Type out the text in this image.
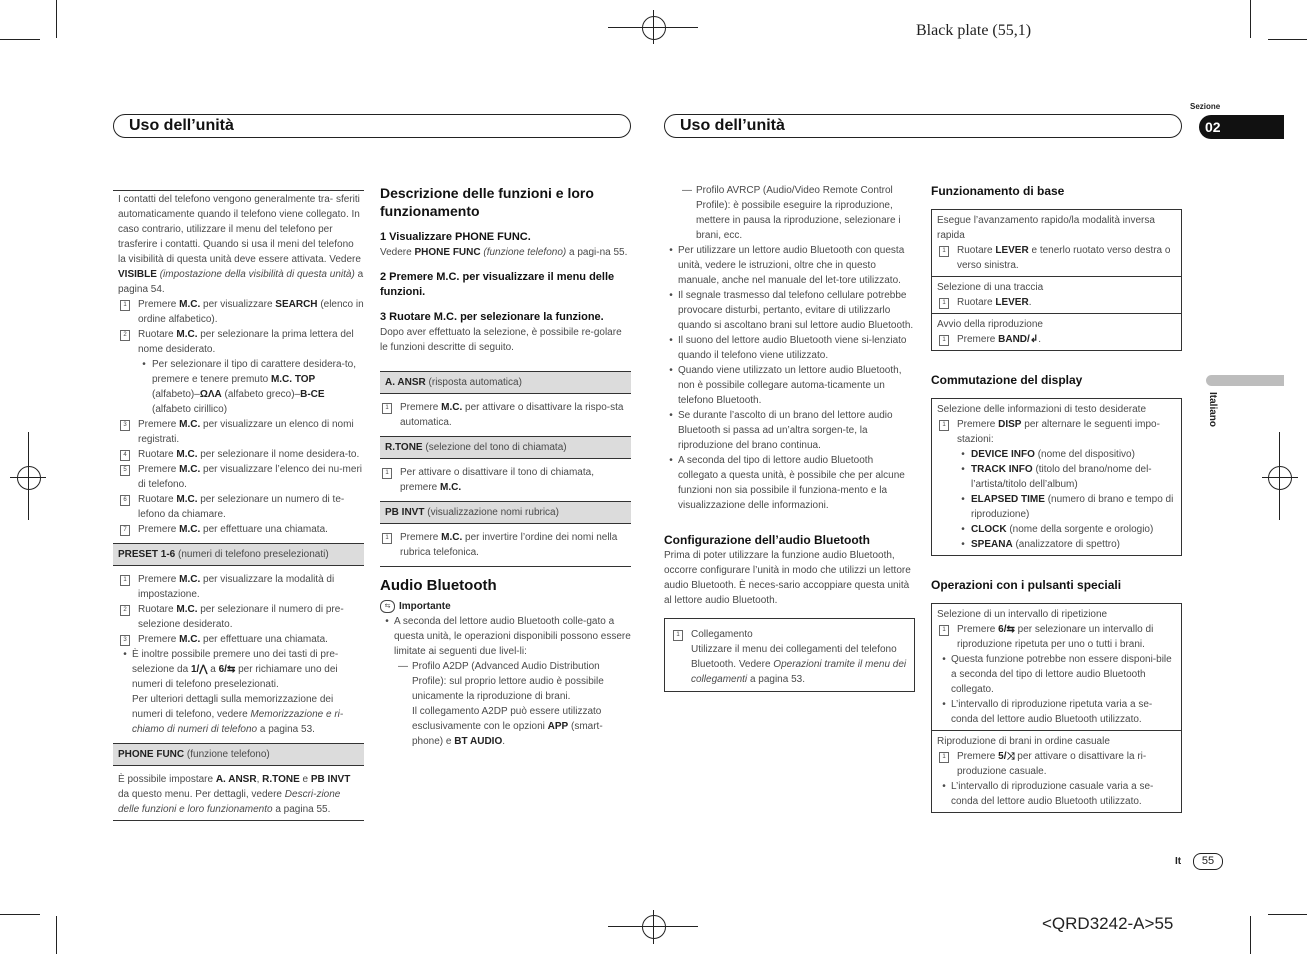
Black plate (55,1)
<QRD3242-A>55
Uso dell’unità	Uso dell’unità
Sezione
02
Italiano
It	55

I contatti del telefono vengono generalmente tra- sferiti automaticamente quando il telefono viene collegato. In caso contrario, utilizzare il menu del telefono per trasferire i contatti. Quando si usa il meni del telefono la visibilità di questa unità deve essere attivata. Vedere VISIBLE (impostazione della visibilità di questa unità) a pagina 54.

1	Premere M.C. per visualizzare SEARCH (elenco in ordine alfabetico).
2	Ruotare M.C. per selezionare la prima lettera del nome desiderato.
• Per selezionare il tipo di carattere desidera-to, premere e tenere premuto M.C. TOP (alfabeto)–ΩΛΑ (alfabeto greco)–B-CE (alfabeto cirillico)
3	Premere M.C. per visualizzare un elenco di nomi registrati.
4	Ruotare M.C. per selezionare il nome desidera-to.
5	Premere M.C. per visualizzare l’elenco dei nu-meri di telefono.
6	Ruotare M.C. per selezionare un numero di te-lefono da chiamare.
7	Premere M.C. per effettuare una chiamata.
PRESET 1-6 (numeri di telefono preselezionati)
1	Premere M.C. per visualizzare la modalità di impostazione.
2	Ruotare M.C. per selezionare il numero di pre-selezione desiderato.
3	Premere M.C. per effettuare una chiamata.
• È inoltre possibile premere uno dei tasti di pre-selezione da 1/⋀ a 6/⇆ per richiamare uno dei numeri di telefono preselezionati.
Per ulteriori dettagli sulla memorizzazione dei numeri di telefono, vedere Memorizzazione e ri-chiamo di numeri di telefono a pagina 53.
PHONE FUNC (funzione telefono)

È possibile impostare A. ANSR, R.TONE e PB INVT da questo menu. Per dettagli, vedere Descri-zione delle funzioni e loro funzionamento a pagina 55.

Descrizione delle funzioni e loro funzionamento
1 Visualizzare PHONE FUNC.

Vedere PHONE FUNC (funzione telefono) a pagi-na 55.

2 Premere M.C. per visualizzare il menu delle funzioni.
3 Ruotare M.C. per selezionare la funzione.

Dopo aver effettuato la selezione, è possibile re-golare le funzioni descritte di seguito.

A. ANSR (risposta automatica)
1	Premere M.C. per attivare o disattivare la rispo-sta automatica.
R.TONE (selezione del tono di chiamata)
1	Per attivare o disattivare il tono di chiamata, premere M.C.
PB INVT (visualizzazione nomi rubrica)
1	Premere M.C. per invertire l’ordine dei nomi nella rubrica telefonica.
Audio Bluetooth
⇆ Importante
• A seconda del lettore audio Bluetooth colle-gato a questa unità, le operazioni disponibili possono essere limitate ai seguenti due livel-li:
— Profilo A2DP (Advanced Audio Distribution Profile): sul proprio lettore audio è possibile unicamente la riproduzione di brani.
Il collegamento A2DP può essere utilizzato esclusivamente con le opzioni APP (smart-phone) e BT AUDIO.
— Profilo AVRCP (Audio/Video Remote Control Profile): è possibile eseguire la riproduzione, mettere in pausa la riproduzione, selezionare i brani, ecc.
• Per utilizzare un lettore audio Bluetooth con questa unità, vedere le istruzioni, oltre che in questo manuale, anche nel manuale del let-tore utilizzato.
• Il segnale trasmesso dal telefono cellulare potrebbe provocare disturbi, pertanto, evitare di utilizzarlo quando si ascoltano brani sul lettore audio Bluetooth.
• Il suono del lettore audio Bluetooth viene si-lenziato quando il telefono viene utilizzato.
• Quando viene utilizzato un lettore audio Bluetooth, non è possibile collegare automa-ticamente un telefono Bluetooth.
• Se durante l’ascolto di un brano del lettore audio Bluetooth si passa ad un’altra sorgen-te, la riproduzione del brano continua.
• A seconda del tipo di lettore audio Bluetooth collegato a questa unità, è possibile che per alcune funzioni non sia possibile il funziona-mento e la visualizzazione delle informazioni.
Configurazione dell’audio Bluetooth

Prima di poter utilizzare la funzione audio Bluetooth, occorre configurare l’unità in modo che utilizzi un lettore audio Bluetooth. È neces-sario accoppiare questa unità al lettore audio Bluetooth.

1	Collegamento
Utilizzare il menu dei collegamenti del telefono Bluetooth. Vedere Operazioni tramite il menu dei collegamenti a pagina 53.
Funzionamento di base
Esegue l’avanzamento rapido/la modalità inversa rapida
1	Ruotare LEVER e tenerlo ruotato verso destra o verso sinistra.
Selezione di una traccia
1	Ruotare LEVER.
Avvio della riproduzione
1	Premere BAND/↲.
Commutazione del display
Selezione delle informazioni di testo desiderate
1	Premere DISP per alternare le seguenti impo-stazioni:
• DEVICE INFO (nome del dispositivo)
• TRACK INFO (titolo del brano/nome del-l’artista/titolo dell’album)
• ELAPSED TIME (numero di brano e tempo di riproduzione)
• CLOCK (nome della sorgente e orologio)
• SPEANA (analizzatore di spettro)
Operazioni con i pulsanti speciali
Selezione di un intervallo di ripetizione
1	Premere 6/⇆ per selezionare un intervallo di riproduzione ripetuta per uno o tutti i brani.
• Questa funzione potrebbe non essere disponi-bile a seconda del tipo di lettore audio Bluetooth collegato.
• L’intervallo di riproduzione ripetuta varia a se-conda del lettore audio Bluetooth utilizzato.
Riproduzione di brani in ordine casuale
1	Premere 5/⤨ per attivare o disattivare la ri-produzione casuale.
• L’intervallo di riproduzione casuale varia a se-conda del lettore audio Bluetooth utilizzato.
